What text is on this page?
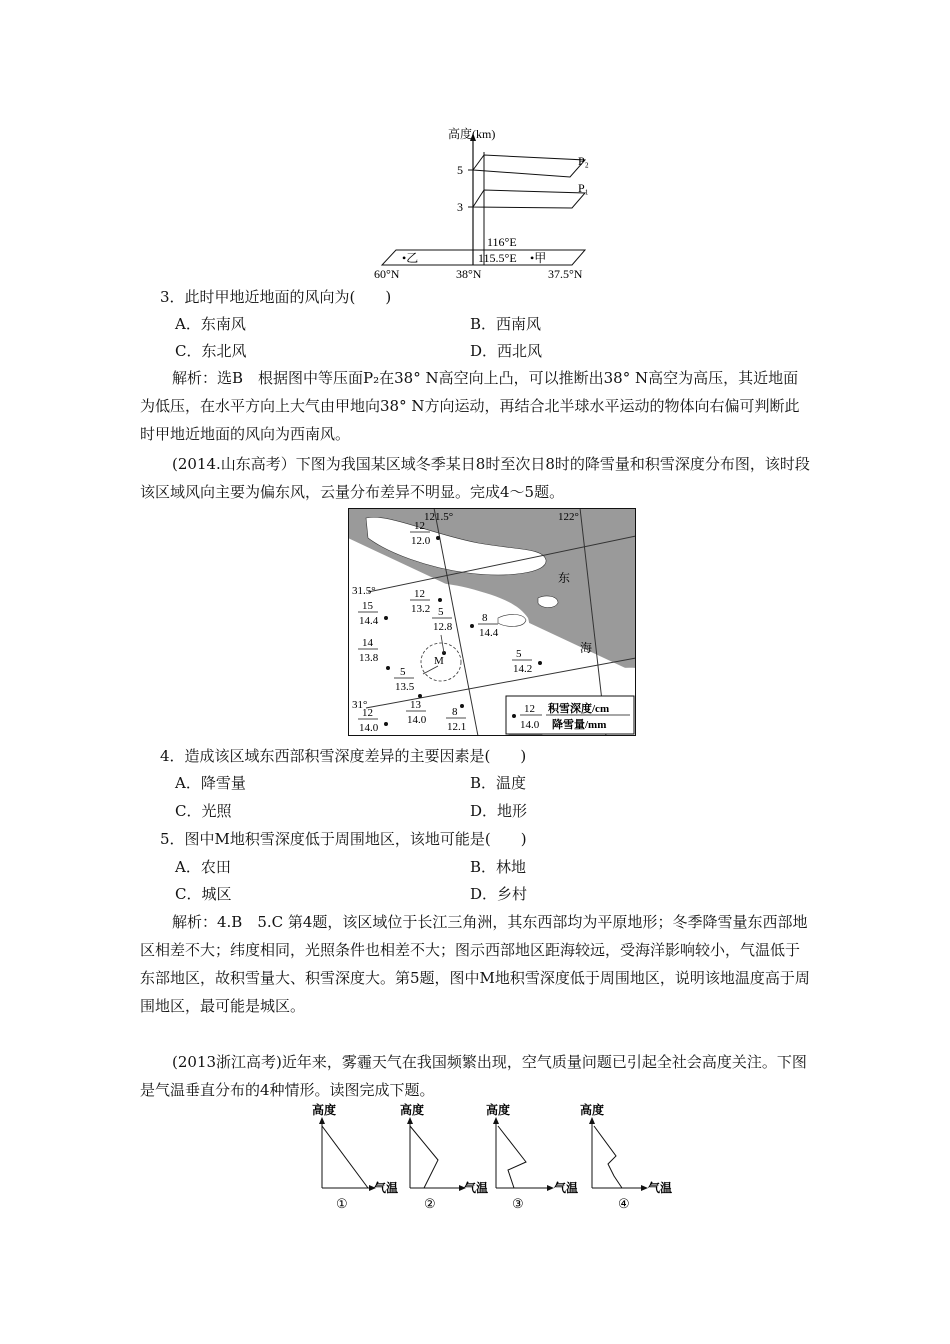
高度(km)
5
3
P₂
P₁
116°E
•乙	115.5°E •甲
60°N	38°N	37.5°N
3．此时甲地近地面的风向为(　　)
A．东南风	B．西南风
C．东北风	D．西北风
解析：选B　根据图中等压面P₂在38° N高空向上凸，可以推断出38° N高空为高压，其近地面为低压，在水平方向上大气由甲地向38° N方向运动，再结合北半球水平运动的物体向右偏可判断此时甲地近地面的风向为西南风。
(2014.山东高考）下图为我国某区域冬季某日8时至次日8时的降雪量和积雪深度分布图，该时段该区域风向主要为偏东风，云量分布差异不明显。完成4～5题。
121.5°	122°
31.5°
31°
东
海
M
12
12.0
15
14.4
12
13.2 5
12.8
8
14.4
14
13.8
5
13.5
5
14.2
12
14.0
13
14.0
8
12.1
12
14.0
积雪深度/cm
降雪量/mm
4．造成该区域东西部积雪深度差异的主要因素是(　　)
A．降雪量	B．温度
C．光照	D．地形
5．图中M地积雪深度低于周围地区，该地可能是(　　)
A．农田	B．林地
C．城区	D．乡村
解析：4.B　5.C 第4题，该区域位于长江三角洲，其东西部均为平原地形；冬季降雪量东西部地区相差不大；纬度相同，光照条件也相差不大；图示西部地区距海较远，受海洋影响较小，气温低于东部地区，故积雪量大、积雪深度大。第5题，图中M地积雪深度低于周围地区，说明该地温度高于周围地区，最可能是城区。
(2013浙江高考)近年来，雾霾天气在我国频繁出现，空气质量问题已引起全社会高度关注。下图是气温垂直分布的4种情形。读图完成下题。
高度
气温
①
高度
气温
②
高度
气温
③
高度
气温
④
